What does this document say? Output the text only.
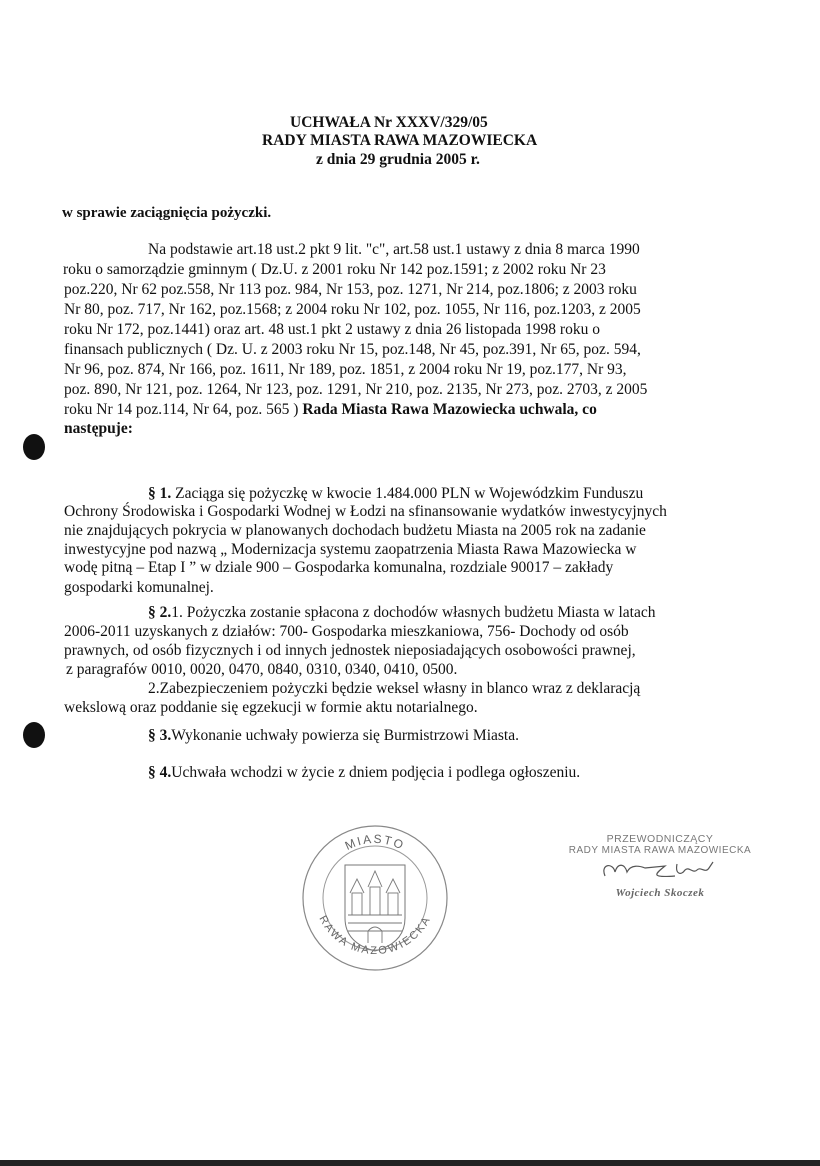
UCHWAŁA Nr XXXV/329/05
RADY MIASTA RAWA MAZOWIECKA
z dnia 29 grudnia 2005 r.
w sprawie zaciągnięcia pożyczki.
Na podstawie art.18 ust.2 pkt 9 lit. "c", art.58 ust.1 ustawy z dnia 8 marca 1990
roku o samorządzie gminnym ( Dz.U. z 2001 roku Nr 142 poz.1591; z 2002 roku Nr 23
poz.220, Nr 62 poz.558, Nr 113 poz. 984, Nr 153, poz. 1271, Nr 214, poz.1806; z 2003 roku
Nr 80, poz. 717, Nr 162, poz.1568; z 2004 roku Nr 102, poz. 1055, Nr 116, poz.1203, z 2005
roku Nr 172, poz.1441) oraz art. 48 ust.1 pkt 2 ustawy z dnia 26 listopada 1998 roku o
finansach publicznych ( Dz. U. z 2003 roku Nr 15, poz.148, Nr 45, poz.391, Nr 65, poz. 594,
Nr 96, poz. 874, Nr 166, poz. 1611, Nr 189, poz. 1851, z 2004 roku Nr 19, poz.177, Nr 93,
poz. 890, Nr 121, poz. 1264, Nr 123, poz. 1291, Nr 210, poz. 2135, Nr 273, poz. 2703, z 2005
roku Nr 14 poz.114, Nr 64, poz. 565 ) Rada Miasta Rawa Mazowiecka uchwala, co
następuje:
§ 1. Zaciąga się pożyczkę w kwocie 1.484.000 PLN w Wojewódzkim Funduszu
Ochrony Środowiska i Gospodarki Wodnej w Łodzi na sfinansowanie wydatków inwestycyjnych
nie znajdujących pokrycia w planowanych dochodach budżetu Miasta na 2005 rok na zadanie
inwestycyjne pod nazwą „ Modernizacja systemu zaopatrzenia Miasta Rawa Mazowiecka w
wodę pitną – Etap I ” w dziale 900 – Gospodarka komunalna, rozdziale 90017 – zakłady
gospodarki komunalnej.
§ 2.1. Pożyczka zostanie spłacona z dochodów własnych budżetu Miasta w latach
2006-2011 uzyskanych z działów: 700- Gospodarka mieszkaniowa, 756- Dochody od osób
prawnych, od osób fizycznych i od innych jednostek nieposiadających osobowości prawnej,
z paragrafów 0010, 0020, 0470, 0840, 0310, 0340, 0410, 0500.
2.Zabezpieczeniem pożyczki będzie weksel własny in blanco wraz z deklaracją
wekslową oraz poddanie się egzekucji w formie aktu notarialnego.
§ 3.Wykonanie uchwały powierza się Burmistrzowi Miasta.
§ 4.Uchwała wchodzi w życie z dniem podjęcia i podlega ogłoszeniu.
MIASTO
RAWA MAZOWIECKA
PRZEWODNICZĄCY
RADY MIASTA RAWA MAZOWIECKA
Wojciech Skoczek
